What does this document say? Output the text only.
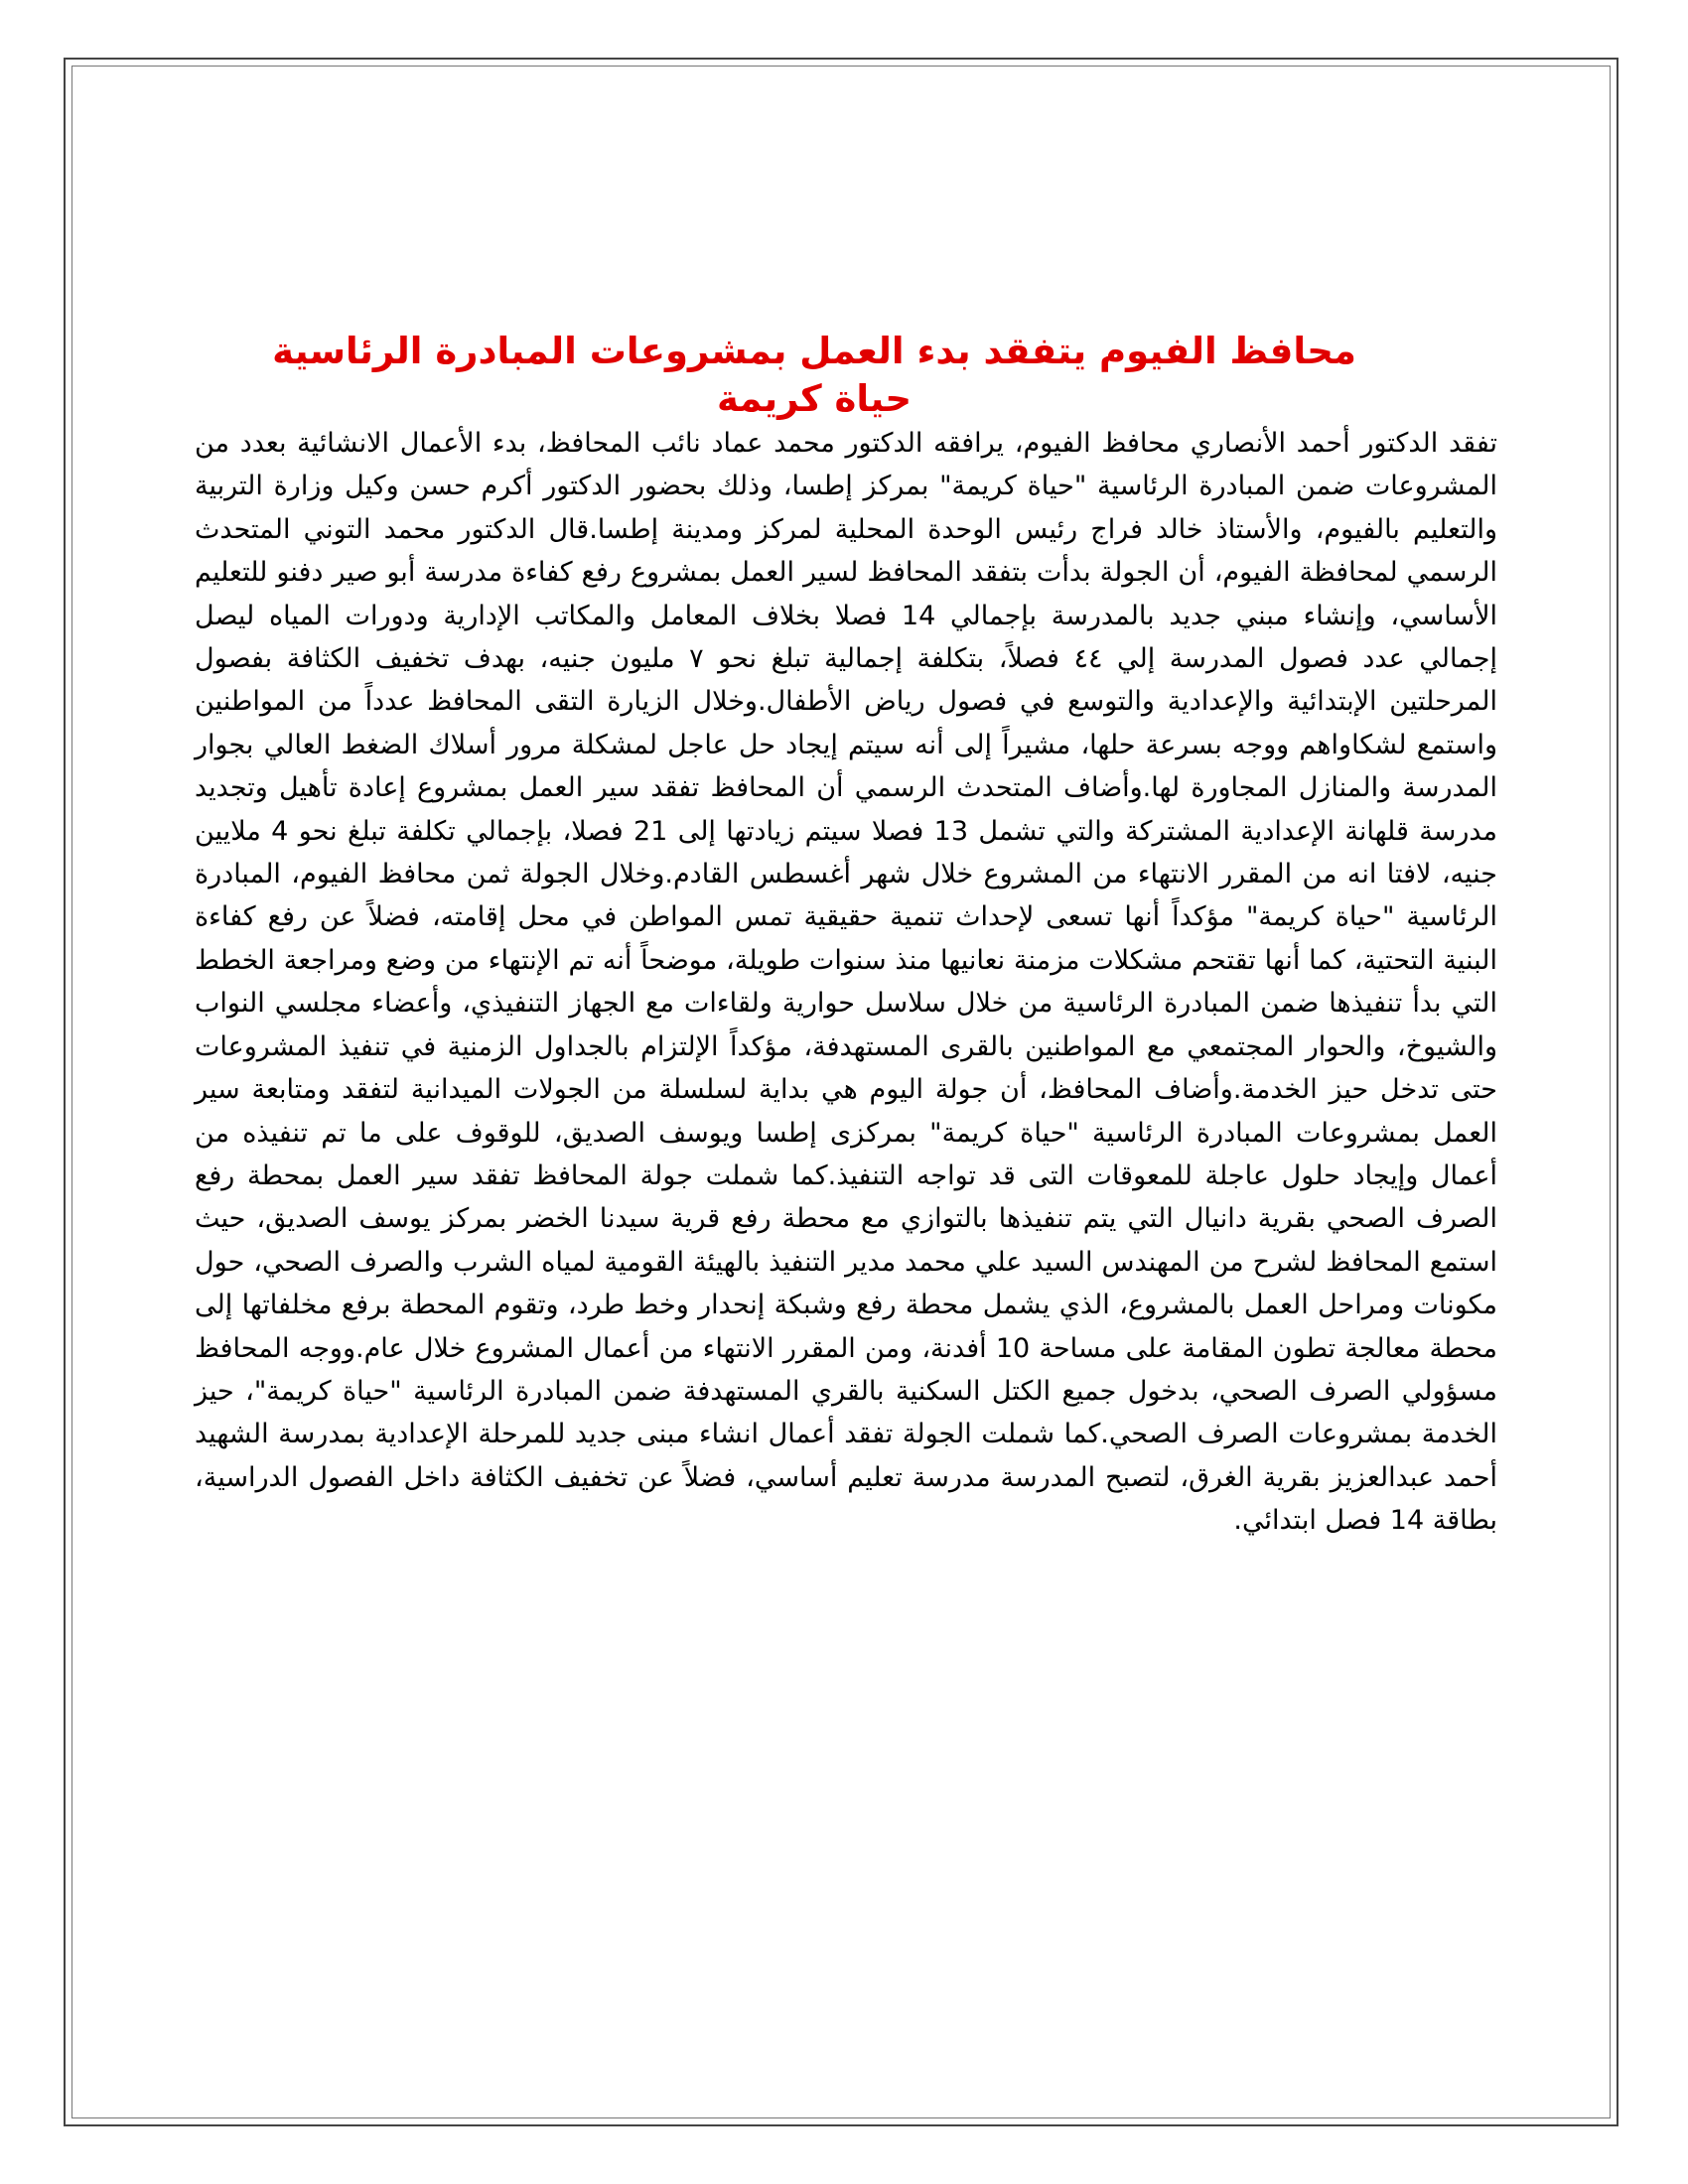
محافظ الفيوم يتفقد بدء العمل بمشروعات المبادرة الرئاسية حياة كريمة

تفقد الدكتور أحمد الأنصاري محافظ الفيوم، يرافقه الدكتور محمد عماد نائب المحافظ، بدء الأعمال الانشائية بعدد من المشروعات ضمن المبادرة الرئاسية "حياة كريمة" بمركز إطسا، وذلك بحضور الدكتور أكرم حسن وكيل وزارة التربية والتعليم بالفيوم، والأستاذ خالد فراج رئيس الوحدة المحلية لمركز ومدينة إطسا.قال الدكتور محمد التوني المتحدث الرسمي لمحافظة الفيوم، أن الجولة بدأت بتفقد المحافظ لسير العمل بمشروع رفع كفاءة مدرسة أبو صير دفنو للتعليم الأساسي، وإنشاء مبني جديد بالمدرسة بإجمالي 14 فصلا بخلاف المعامل والمكاتب الإدارية ودورات المياه ليصل إجمالي عدد فصول المدرسة إلي ٤٤ فصلاً، بتكلفة إجمالية تبلغ نحو ٧ مليون جنيه، بهدف تخفيف الكثافة بفصول المرحلتين الإبتدائية والإعدادية والتوسع في فصول رياض الأطفال.وخلال الزيارة التقى المحافظ عدداً من المواطنين واستمع لشكاواهم ووجه بسرعة حلها، مشيراً إلى أنه سيتم إيجاد حل عاجل لمشكلة مرور أسلاك الضغط العالي بجوار المدرسة والمنازل المجاورة لها.وأضاف المتحدث الرسمي أن المحافظ تفقد سير العمل بمشروع إعادة تأهيل وتجديد مدرسة قلهانة الإعدادية المشتركة والتي تشمل 13 فصلا سيتم زيادتها إلى 21 فصلا، بإجمالي تكلفة تبلغ نحو 4 ملايين جنيه، لافتا انه من المقرر الانتهاء من المشروع خلال شهر أغسطس القادم.وخلال الجولة ثمن محافظ الفيوم، المبادرة الرئاسية "حياة كريمة" مؤكداً أنها تسعى لإحداث تنمية حقيقية تمس المواطن في محل إقامته، فضلاً عن رفع كفاءة البنية التحتية، كما أنها تقتحم مشكلات مزمنة نعانيها منذ سنوات طويلة، موضحاً أنه تم الإنتهاء من وضع ومراجعة الخطط التي بدأ تنفيذها ضمن المبادرة الرئاسية من خلال سلاسل حوارية ولقاءات مع الجهاز التنفيذي، وأعضاء مجلسي النواب والشيوخ، والحوار المجتمعي مع المواطنين بالقرى المستهدفة، مؤكداً الإلتزام بالجداول الزمنية في تنفيذ المشروعات حتى تدخل حيز الخدمة.وأضاف المحافظ، أن جولة اليوم هي بداية لسلسلة من الجولات الميدانية لتفقد ومتابعة سير العمل بمشروعات المبادرة الرئاسية "حياة كريمة" بمركزى إطسا ويوسف الصديق، للوقوف على ما تم تنفيذه من أعمال وإيجاد حلول عاجلة للمعوقات التى قد تواجه التنفيذ.كما شملت جولة المحافظ تفقد سير العمل بمحطة رفع الصرف الصحي بقرية دانيال التي يتم تنفيذها بالتوازي مع محطة رفع قرية سيدنا الخضر بمركز يوسف الصديق، حيث استمع المحافظ لشرح من المهندس السيد علي محمد مدير التنفيذ بالهيئة القومية لمياه الشرب والصرف الصحي، حول مكونات ومراحل العمل بالمشروع، الذي يشمل محطة رفع وشبكة إنحدار وخط طرد، وتقوم المحطة برفع مخلفاتها إلى محطة معالجة تطون المقامة على مساحة 10 أفدنة، ومن المقرر الانتهاء من أعمال المشروع خلال عام.ووجه المحافظ مسؤولي الصرف الصحي، بدخول جميع الكتل السكنية بالقري المستهدفة ضمن المبادرة الرئاسية "حياة كريمة"، حيز الخدمة بمشروعات الصرف الصحي.كما شملت الجولة تفقد أعمال انشاء مبنى جديد للمرحلة الإعدادية بمدرسة الشهيد أحمد عبدالعزيز بقرية الغرق، لتصبح المدرسة مدرسة تعليم أساسي، فضلاً عن تخفيف الكثافة داخل الفصول الدراسية، بطاقة 14 فصل ابتدائي.
